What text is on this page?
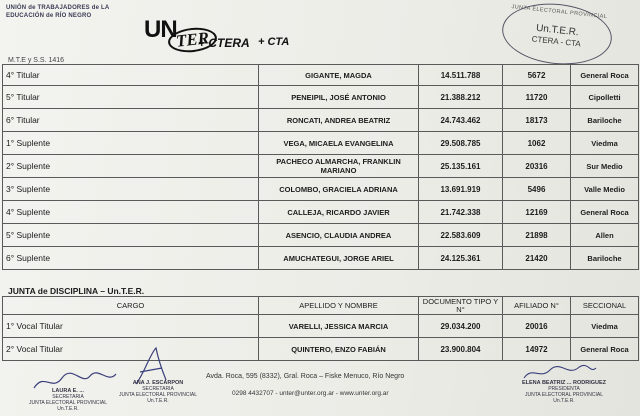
UNIÓN de TRABAJADORES de LA EDUCACIÓN de RÍO NEGRO	UN
TER
+ CTERA + CTA
M.T.E y S.S. 1416
JUNTA ELECTORAL PROVINCIAL
Un.T.E.R.
CTERA - CTA
4° Titular	GIGANTE, MAGDA	14.511.788	5672	General Roca
5° Titular	PENEIPIL, JOSÉ ANTONIO	21.388.212	11720	Cipolletti
6° Titular	RONCATI, ANDREA BEATRIZ	24.743.462	18173	Bariloche
1° Suplente	VEGA, MICAELA EVANGELINA	29.508.785	1062	Viedma
2° Suplente	PACHECO ALMARCHA, FRANKLIN MARIANO	25.135.161	20316	Sur Medio
3° Suplente	COLOMBO, GRACIELA ADRIANA	13.691.919	5496	Valle Medio
4° Suplente	CALLEJA, RICARDO JAVIER	21.742.338	12169	General Roca
5° Suplente	ASENCIO, CLAUDIA ANDREA	22.583.609	21898	Allen
6° Suplente	AMUCHATEGUI, JORGE ARIEL	24.125.361	21420	Bariloche
JUNTA de DISCIPLINA – Un.T.E.R.
CARGO	APELLIDO Y NOMBRE	DOCUMENTO TIPO Y N°	AFILIADO N°	SECCIONAL
1° Vocal Titular	VARELLI, JESSICA MARCIA	29.034.200	20016	Viedma
2° Vocal Titular	QUINTERO, ENZO FABIÁN	23.900.804	14972	General Roca
LAURA E. ...
SECRETARIA
JUNTA ELECTORAL PROVINCIAL
Un.T.E.R.
ANA J. ESCARPON
SECRETARIA
JUNTA ELECTORAL PROVINCIAL
Un.T.E.R.
ELENA BEATRIZ ... RODRIGUEZ
PRESIDENTA
JUNTA ELECTORAL PROVINCIAL
Un.T.E.R.
Avda. Roca, 595 (8332), Gral. Roca – Fiske Menuco, Río Negro
0298 4432707 - unter@unter.org.ar - www.unter.org.ar
